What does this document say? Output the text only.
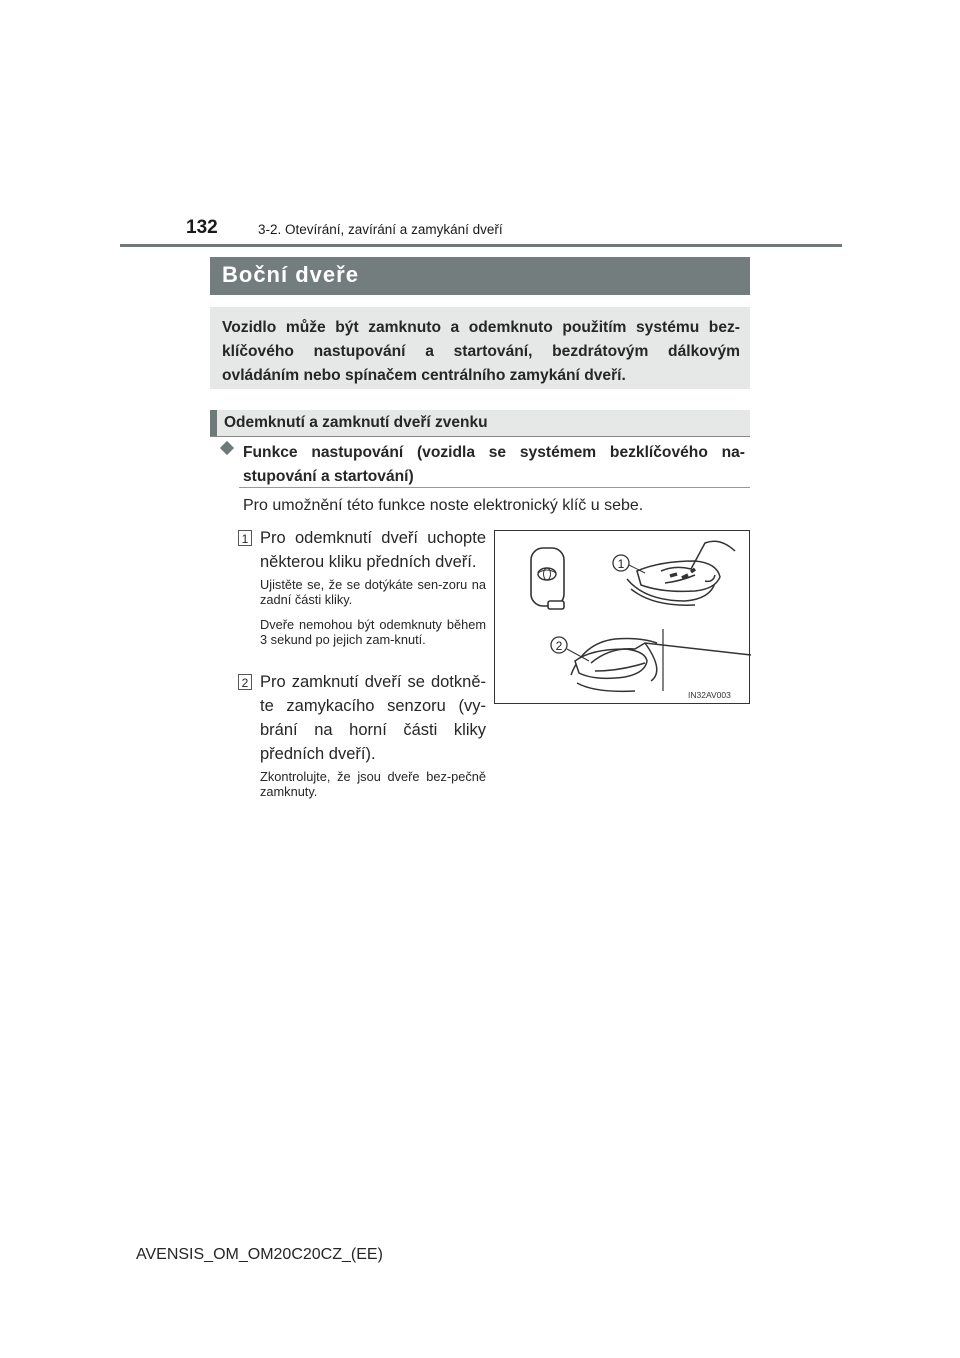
132	3-2. Otevírání, zavírání a zamykání dveří
Boční dveře
Vozidlo může být zamknuto a odemknuto použitím systému bez-klíčového nastupování a startování, bezdrátovým dálkovým ovládáním nebo spínačem centrálního zamykání dveří.
Odemknutí a zamknutí dveří zvenku
Funkce nastupování (vozidla se systémem bezklíčového na-stupování a startování)
Pro umožnění této funkce noste elektronický klíč u sebe.
1 Pro odemknutí dveří uchopte některou kliku předních dveří.
Ujistěte se, že se dotýkáte sen-zoru na zadní části kliky.
Dveře nemohou být odemknuty během 3 sekund po jejich zam-knutí.
2 Pro zamknutí dveří se dotkně-te zamykacího senzoru (vy-brání na horní části kliky předních dveří).
Zkontrolujte, že jsou dveře bez-pečně zamknuty.
1
2
IN32AV003
AVENSIS_OM_OM20C20CZ_(EE)
